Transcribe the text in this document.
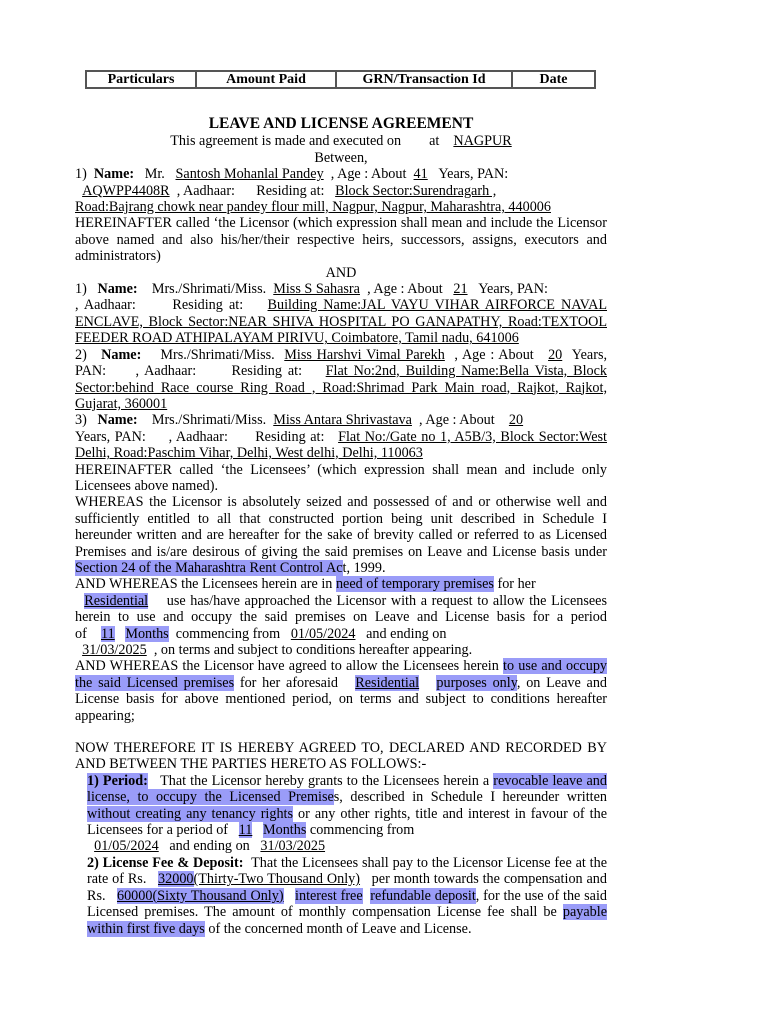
Particulars	Amount Paid	GRN/Transaction Id	Date

LEAVE AND LICENSE AGREEMENT

This agreement is made and executed on at NAGPUR

Between,

1) Name: Mr. Santosh Mohanlal Pandey , Age : About 41 Years, PAN:
AQWPP4408R , Aadhaar: Residing at: Block Sector:Surendragarh ,
Road:Bajrang chowk near pandey flour mill, Nagpur, Nagpur, Maharashtra, 440006

HEREINAFTER called ‘the Licensor (which expression shall mean and include the Licensor above named and also his/her/their respective heirs, successors, assigns, executors and administrators)

AND

1) Name: Mrs./Shrimati/Miss. Miss S Sahasra , Age : About 21 Years, PAN:
, Aadhaar:	Residing at: Building Name:JAL VAYU VIHAR AIRFORCE NAVAL ENCLAVE, Block Sector:NEAR SHIVA HOSPITAL PO GANAPATHY, Road:TEXTOOL FEEDER ROAD ATHIPALAYAM PIRIVU, Coimbatore, Tamil nadu, 641006

2) Name: Mrs./Shrimati/Miss. Miss Harshvi Vimal Parekh , Age : About 20 Years, PAN: , Aadhaar: Residing at: Flat No:2nd, Building Name:Bella Vista, Block Sector:behind Race course Ring Road , Road:Shrimad Park Main road, Rajkot, Rajkot, Gujarat, 360001

3) Name: Mrs./Shrimati/Miss. Miss Antara Shrivastava , Age : About 20
Years, PAN: , Aadhaar: Residing at: Flat No:/Gate no 1, A5B/3, Block Sector:West Delhi, Road:Paschim Vihar, Delhi, West delhi, Delhi, 110063

HEREINAFTER called ‘the Licensees’ (which expression shall mean and include only Licensees above named).

WHEREAS the Licensor is absolutely seized and possessed of and or otherwise well and sufficiently entitled to all that constructed portion being unit described in Schedule I hereunder written and are hereafter for the sake of brevity called or referred to as Licensed Premises and is/are desirous of giving the said premises on Leave and License basis under Section 24 of the Maharashtra Rent Control Act, 1999.

AND WHEREAS the Licensees herein are in need of temporary premises for her
Residential use has/have approached the Licensor with a request to allow the Licensees herein to use and occupy the said premises on Leave and License basis for a period of 11 Months commencing from 01/05/2024 and ending on
31/03/2025 , on terms and subject to conditions hereafter appearing.

AND WHEREAS the Licensor have agreed to allow the Licensees herein to use and occupy the said Licensed premises for her aforesaid Residential purposes only, on Leave and License basis for above mentioned period, on terms and subject to conditions hereafter appearing;

NOW THEREFORE IT IS HEREBY AGREED TO, DECLARED AND RECORDED BY AND BETWEEN THE PARTIES HERETO AS FOLLOWS:-

1) Period: That the Licensor hereby grants to the Licensees herein a revocable leave and license, to occupy the Licensed Premises, described in Schedule I hereunder written without creating any tenancy rights or any other rights, title and interest in favour of the Licensees for a period of 11 Months commencing from
01/05/2024 and ending on 31/03/2025

2) License Fee & Deposit: That the Licensees shall pay to the Licensor License fee at the rate of Rs. 32000(Thirty-Two Thousand Only) per month towards the compensation and Rs. 60000(Sixty Thousand Only) interest free refundable deposit, for the use of the said Licensed premises. The amount of monthly compensation License fee shall be payable within first five days of the concerned month of Leave and License.
